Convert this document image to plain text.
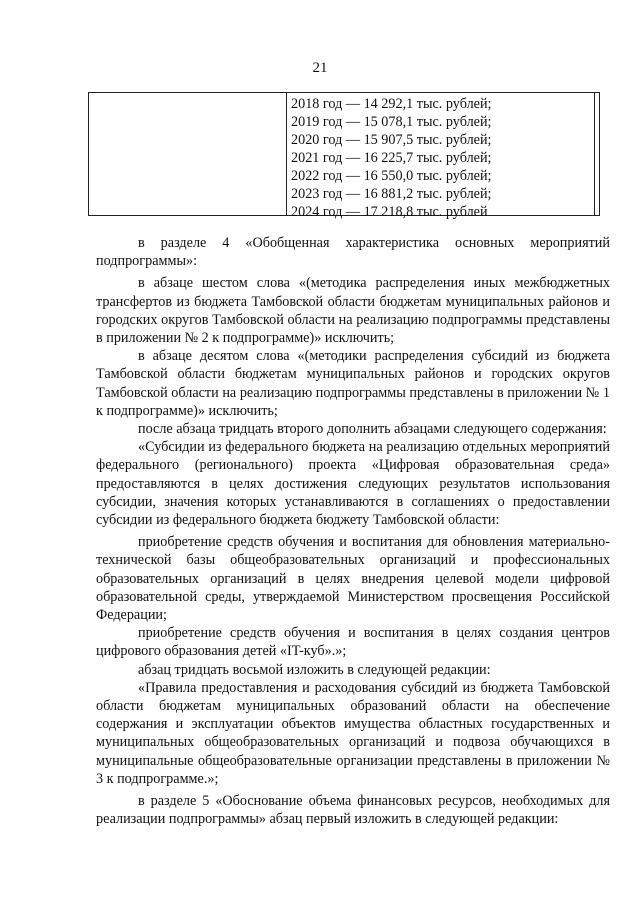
21
2018 год — 14 292,1 тыс. рублей;
2019 год — 15 078,1 тыс. рублей;
2020 год — 15 907,5 тыс. рублей;
2021 год — 16 225,7 тыс. рублей;
2022 год — 16 550,0 тыс. рублей;
2023 год — 16 881,2 тыс. рублей;
2024 год — 17 218,8 тыс. рублей

в разделе 4 «Обобщенная характеристика основных мероприятий подпрограммы»:

в абзаце шестом слова «(методика распределения иных межбюджетных трансфертов из бюджета Тамбовской области бюджетам муниципальных районов и городских округов Тамбовской области на реализацию подпрограммы представлены в приложении № 2 к подпрограмме)» исключить;

в абзаце десятом слова «(методики распределения субсидий из бюджета Тамбовской области бюджетам муниципальных районов и городских округов Тамбовской области на реализацию подпрограммы представлены в приложении № 1 к подпрограмме)» исключить;

после абзаца тридцать второго дополнить абзацами следующего содержания:

«Субсидии из федерального бюджета на реализацию отдельных мероприятий федерального (регионального) проекта «Цифровая образовательная среда» предоставляются в целях достижения следующих результатов использования субсидии, значения которых устанавливаются в соглашениях о предоставлении субсидии из федерального бюджета бюджету Тамбовской области:

приобретение средств обучения и воспитания для обновления материально-технической базы общеобразовательных организаций и профессиональных образовательных организаций в целях внедрения целевой модели цифровой образовательной среды, утверждаемой Министерством просвещения Российской Федерации;

приобретение средств обучения и воспитания в целях создания центров цифрового образования детей «IT-куб».»;

абзац тридцать восьмой изложить в следующей редакции:

«Правила предоставления и расходования субсидий из бюджета Тамбовской области бюджетам муниципальных образований области на обеспечение содержания и эксплуатации объектов имущества областных государственных и муниципальных общеобразовательных организаций и подвоза обучающихся в муниципальные общеобразовательные организации представлены в приложении № 3 к подпрограмме.»;

в разделе 5 «Обоснование объема финансовых ресурсов, необходимых для реализации подпрограммы» абзац первый изложить в следующей редакции:
